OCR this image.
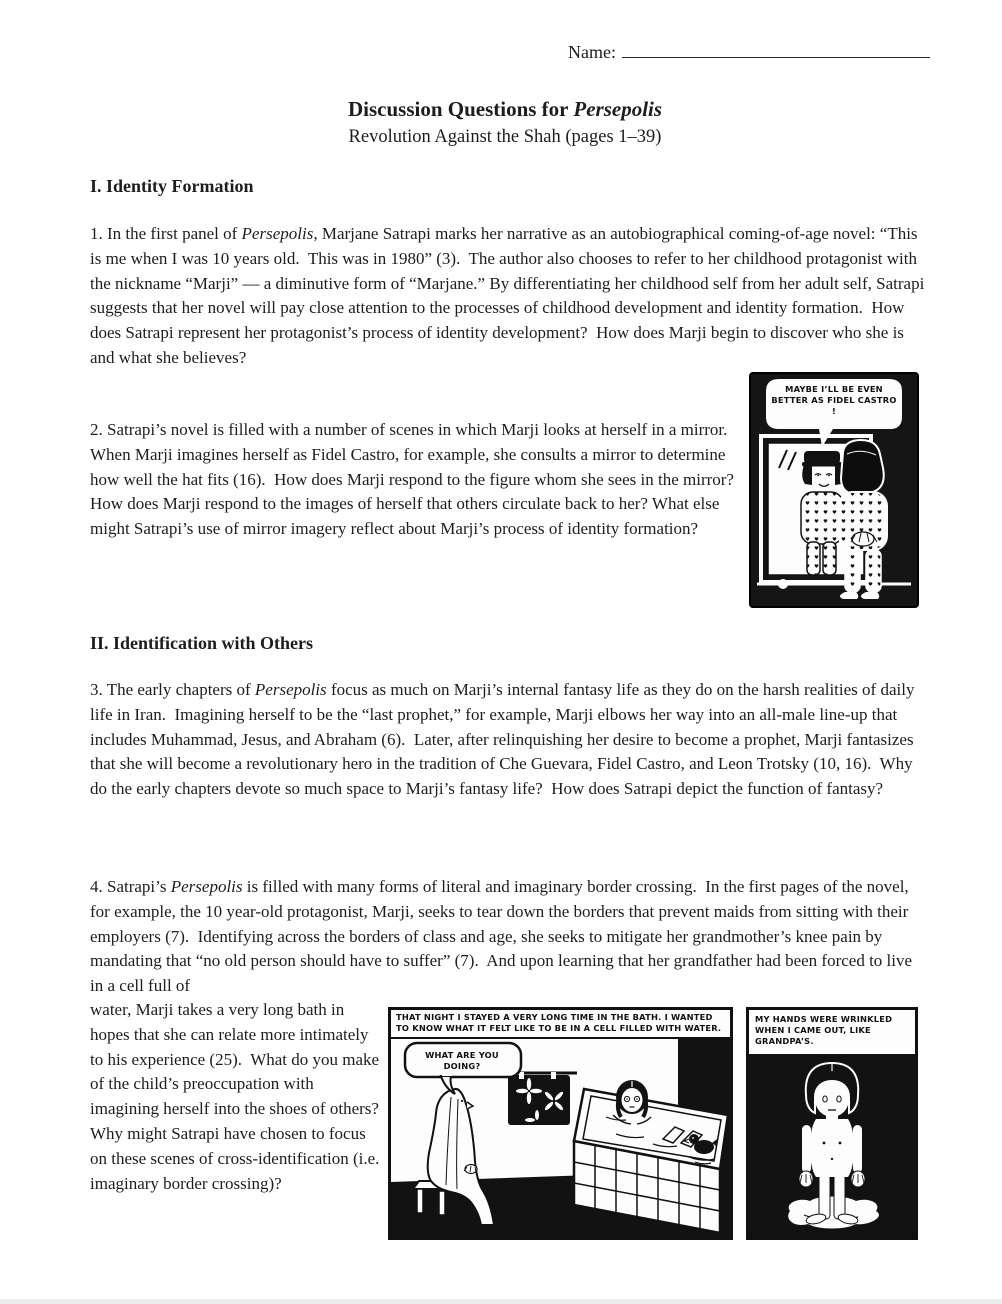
Name:
Discussion Questions for Persepolis
Revolution Against the Shah (pages 1–39)
I. Identity Formation

1. In the first panel of Persepolis, Marjane Satrapi marks her narrative as an autobiographical coming-of-age novel: “This is me when I was 10 years old.  This was in 1980” (3).  The author also chooses to refer to her childhood protagonist with the nickname “Marji” — a diminutive form of “Marjane.” By differentiating her childhood self from her adult self, Satrapi suggests that her novel will pay close attention to the processes of childhood development and identity formation.  How does Satrapi represent her protagonist’s process of identity development?  How does Marji begin to discover who she is and what she believes?

2. Satrapi’s novel is filled with a number of scenes in which Marji looks at herself in a mirror.  When Marji imagines herself as Fidel Castro, for example, she consults a mirror to determine how well the hat fits (16).  How does Marji respond to the figure whom she sees in the mirror?  How does Marji respond to the images of herself that others circulate back to her? What else might Satrapi’s use of mirror imagery reflect about Marji’s process of identity formation?

II. Identification with Others

3. The early chapters of Persepolis focus as much on Marji’s internal fantasy life as they do on the harsh realities of daily life in Iran.  Imagining herself to be the “last prophet,” for example, Marji elbows her way into an all-male line-up that includes Muhammad, Jesus, and Abraham (6).  Later, after relinquishing her desire to become a prophet, Marji fantasizes that she will become a revolutionary hero in the tradition of Che Guevara, Fidel Castro, and Leon Trotsky (10, 16).  Why do the early chapters devote so much space to Marji’s fantasy life?  How does Satrapi depict the function of fantasy?

4. Satrapi’s Persepolis is filled with many forms of literal and imaginary border crossing.  In the first pages of the novel, for example, the 10 year-old protagonist, Marji, seeks to tear down the borders that prevent maids from sitting with their employers (7).  Identifying across the borders of class and age, she seeks to mitigate her grandmother’s knee pain by mandating that “no old person should have to suffer” (7).  And upon learning that her grandfather had been forced to live in a cell full of

water, Marji takes a very long bath in hopes that she can relate more intimately to his experience (25).  What do you make of the child’s preoccupation with imagining herself into the shoes of others?  Why might Satrapi have chosen to focus on these scenes of cross-identification (i.e. imaginary border crossing)?

MAYBE I’LL BE EVEN BETTER AS FIDEL CASTRO !
THAT NIGHT I STAYED A VERY LONG TIME IN THE BATH. I WANTED TO KNOW WHAT IT FELT LIKE TO BE IN A CELL FILLED WITH WATER.
WHAT ARE YOU DOING?
MY HANDS WERE WRINKLED WHEN I CAME OUT, LIKE GRANDPA’S.
